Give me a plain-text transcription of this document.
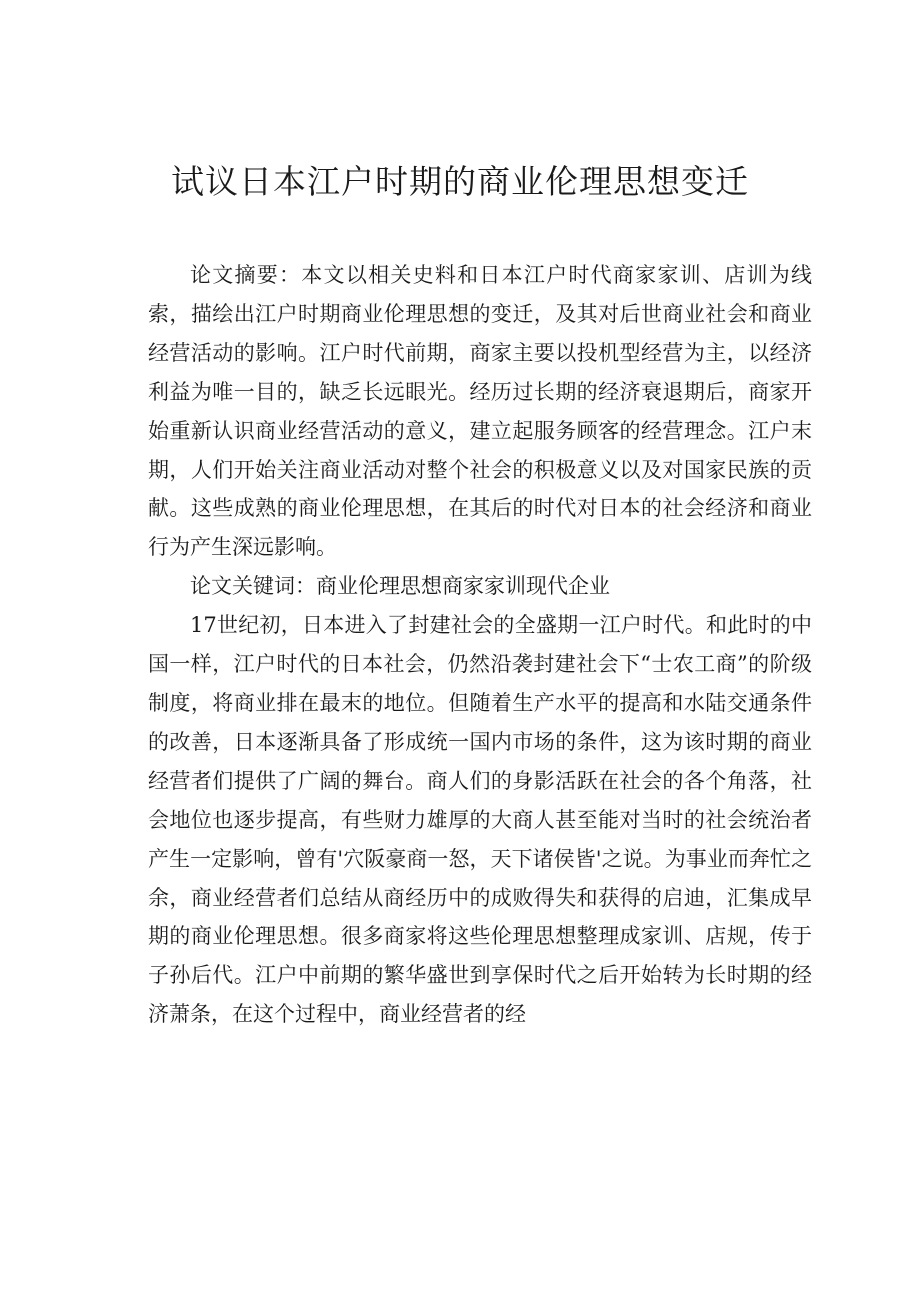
试议日本江户时期的商业伦理思想变迁

论文摘要：本文以相关史料和日本江户时代商家家训、店训为线索，描绘出江户时期商业伦理思想的变迁，及其对后世商业社会和商业经营活动的影响。江户时代前期，商家主要以投机型经营为主，以经济利益为唯一目的，缺乏长远眼光。经历过长期的经济衰退期后，商家开始重新认识商业经营活动的意义，建立起服务顾客的经营理念。江户末期，人们开始关注商业活动对整个社会的积极意义以及对国家民族的贡献。这些成熟的商业伦理思想，在其后的时代对日本的社会经济和商业行为产生深远影响。

论文关键词：商业伦理思想商家家训现代企业

17世纪初，日本进入了封建社会的全盛期一江户时代。和此时的中国一样，江户时代的日本社会，仍然沿袭封建社会下“士农工商”的阶级制度，将商业排在最末的地位。但随着生产水平的提高和水陆交通条件的改善，日本逐渐具备了形成统一国内市场的条件，这为该时期的商业经营者们提供了广阔的舞台。商人们的身影活跃在社会的各个角落，社会地位也逐步提高，有些财力雄厚的大商人甚至能对当时的社会统治者产生一定影响，曾有'穴阪豪商一怒，天下诸侯皆'之说。为事业而奔忙之余，商业经营者们总结从商经历中的成败得失和获得的启迪，汇集成早期的商业伦理思想。很多商家将这些伦理思想整理成家训、店规，传于子孙后代。江户中前期的繁华盛世到享保时代之后开始转为长时期的经济萧条，在这个过程中，商业经营者的经
